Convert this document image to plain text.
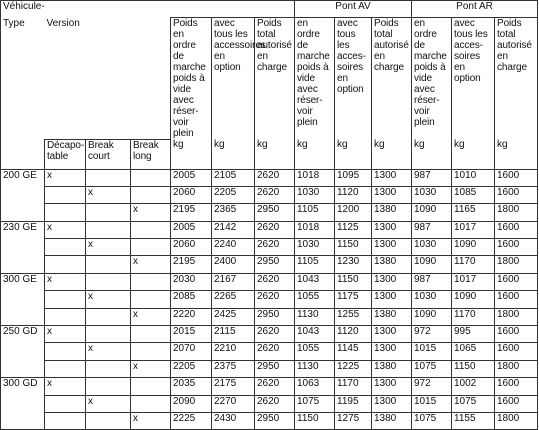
Véhicule-							Pont AV			Pont AR		
Type	Version			Poids en ordre de marche poids à vide avec réser-voir plein	avec tous les accessoires en option	Poids total autorisé en charge	en ordre de marche poids à vide avec réser-voir plein	avec tous les acces-soires en option	Poids total autorisé en charge	en ordre de marche poids à vide avec réser-voir plein	avec tous les acces-soires en option	Poids total autorisé en charge
	Décapo-table	Break court	Break long	kg	kg	kg	kg	kg	kg	kg	kg	kg
200 GE	x			2005	2105	2620	1018	1095	1300	987	1010	1600
		x		2060	2205	2620	1030	1120	1300	1030	1085	1600
			x	2195	2365	2950	1105	1200	1380	1090	1165	1800
230 GE	x			2005	2142	2620	1018	1125	1300	987	1017	1600
		x		2060	2240	2620	1030	1150	1300	1030	1090	1600
			x	2195	2400	2950	1105	1230	1380	1090	1170	1800
300 GE	x			2030	2167	2620	1043	1150	1300	987	1017	1600
		x		2085	2265	2620	1055	1175	1300	1030	1090	1600
			x	2220	2425	2950	1130	1255	1380	1090	1170	1800
250 GD	x			2015	2115	2620	1043	1120	1300	972	995	1600
		x		2070	2210	2620	1055	1145	1300	1015	1065	1600
			x	2205	2375	2950	1130	1225	1380	1075	1150	1800
300 GD	x			2035	2175	2620	1063	1170	1300	972	1002	1600
		x		2090	2270	2620	1075	1195	1300	1015	1075	1600
			x	2225	2430	2950	1150	1275	1380	1075	1155	1800
